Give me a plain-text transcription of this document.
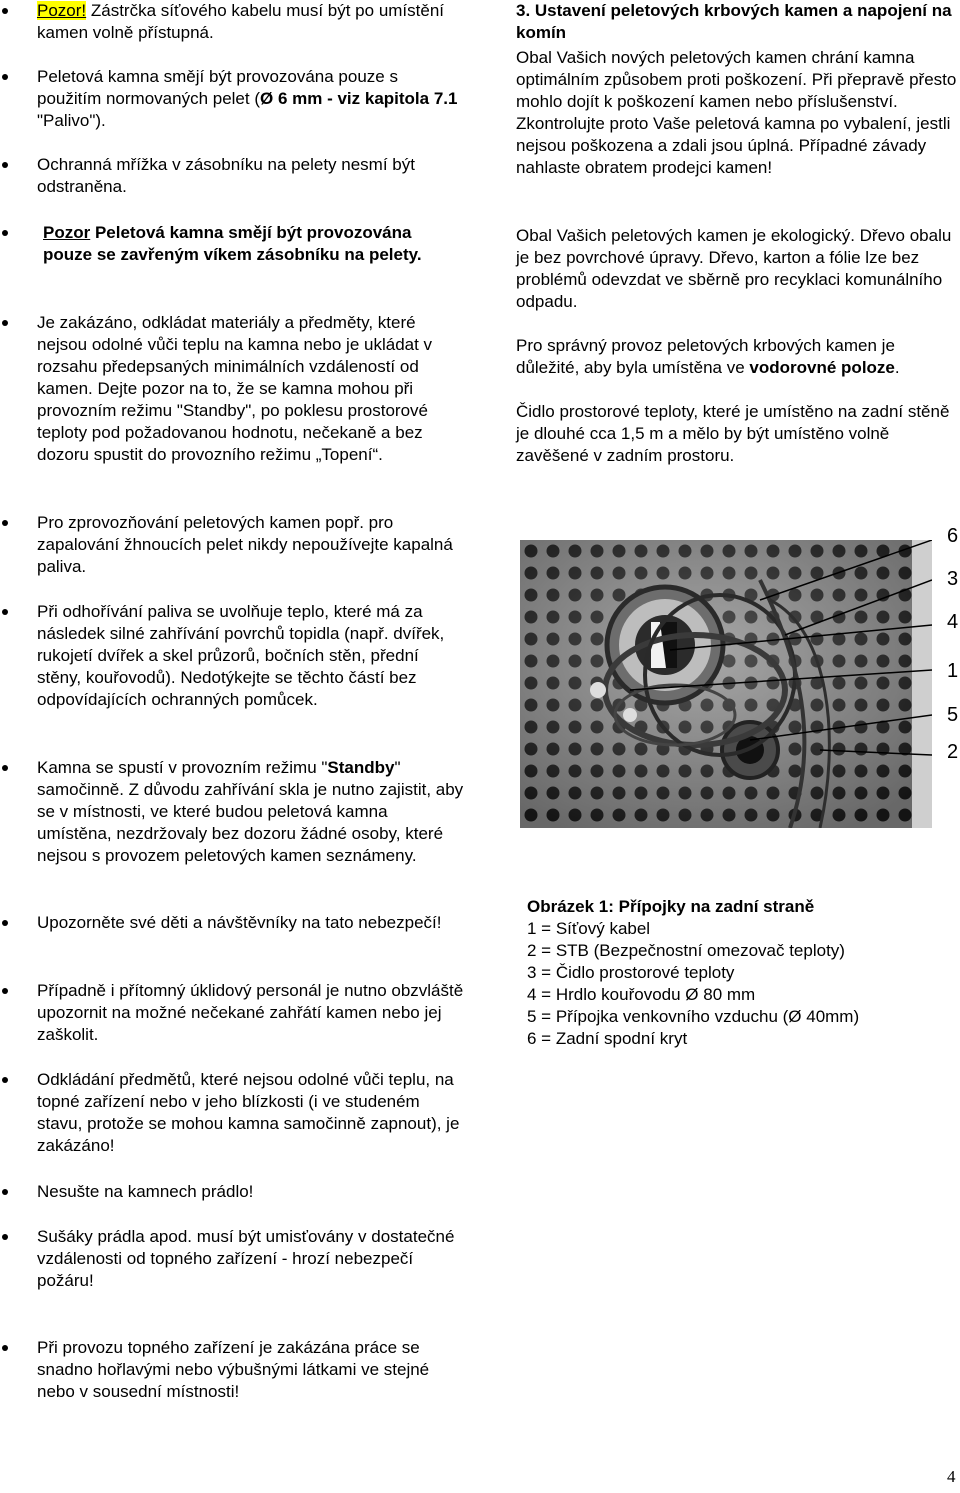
Pozor! Zástrčka síťového kabelu musí být po umístění kamen volně přístupná.
Peletová kamna smějí být provozována pouze s použitím normovaných pelet (Ø 6 mm - viz kapitola 7.1 "Palivo").
Ochranná mřížka v zásobníku na pelety nesmí být odstraněna.
Pozor Peletová kamna smějí být provozována pouze se zavřeným víkem zásobníku na pelety.
Je zakázáno, odkládat materiály a předměty, které nejsou odolné vůči teplu na kamna nebo je ukládat v rozsahu předepsaných minimálních vzdáleností od kamen. Dejte pozor na to, že se kamna mohou při provozním režimu "Standby", po poklesu prostorové teploty pod požadovanou hodnotu, nečekaně a bez dozoru spustit do provozního režimu „Topení“.
Pro zprovozňování peletových kamen popř. pro zapalování žhnoucích pelet nikdy nepoužívejte kapalná paliva.
Při odhořívání paliva se uvolňuje teplo, které má za následek silné zahřívání povrchů topidla (např. dvířek, rukojetí dvířek a skel průzorů, bočních stěn, přední stěny, kouřovodů). Nedotýkejte se těchto částí bez odpovídajících ochranných pomůcek.
Kamna se spustí v provozním režimu "Standby" samočinně. Z důvodu zahřívání skla je nutno zajistit, aby se v místnosti, ve které budou peletová kamna umístěna, nezdržovaly bez dozoru žádné osoby, které nejsou s provozem peletových kamen seznámeny.
Upozorněte své děti a návštěvníky na tato nebezpečí!
Případně i přítomný úklidový personál je nutno obzvláště upozornit na možné nečekané zahřátí kamen nebo jej zaškolit.
Odkládání předmětů, které nejsou odolné vůči teplu, na topné zařízení nebo v jeho blízkosti (i ve studeném stavu, protože se mohou kamna samočinně zapnout), je zakázáno!
Nesušte na kamnech prádlo!
Sušáky prádla apod. musí být umisťovány v dostatečné vzdálenosti od topného zařízení - hrozí nebezpečí požáru!
Při provozu topného zařízení je zakázána práce se snadno hořlavými nebo výbušnými látkami ve stejné nebo v sousední místnosti!
3. Ustavení peletových krbových kamen a napojení na komín
Obal Vašich nových peletových kamen chrání kamna optimálním způsobem proti poškození. Při přepravě přesto mohlo dojít k poškození kamen nebo příslušenství. Zkontrolujte proto Vaše peletová kamna po vybalení, jestli nejsou poškozena a zdali jsou úplná. Případné závady nahlaste obratem prodejci kamen!
Obal Vašich peletových kamen je ekologický. Dřevo obalu je bez povrchové úpravy. Dřevo, karton a fólie lze bez problémů odevzdat ve sběrně pro recyklaci komunálního odpadu.
Pro správný provoz peletových krbových kamen je důležité, aby byla umístěna ve vodorovné poloze.
Čidlo prostorové teploty, které je umístěno na zadní stěně je dlouhé cca 1,5 m a mělo by být umístěno volně zavěšené v zadním prostoru.
6
3
4
1
5
2
Obrázek 1: Přípojky na zadní straně
1 = Síťový kabel
2 = STB (Bezpečnostní omezovač teploty)
3 = Čidlo prostorové teploty
4 = Hrdlo kouřovodu Ø 80 mm
5 = Přípojka venkovního vzduchu (Ø 40mm)
6 = Zadní spodní kryt
4
